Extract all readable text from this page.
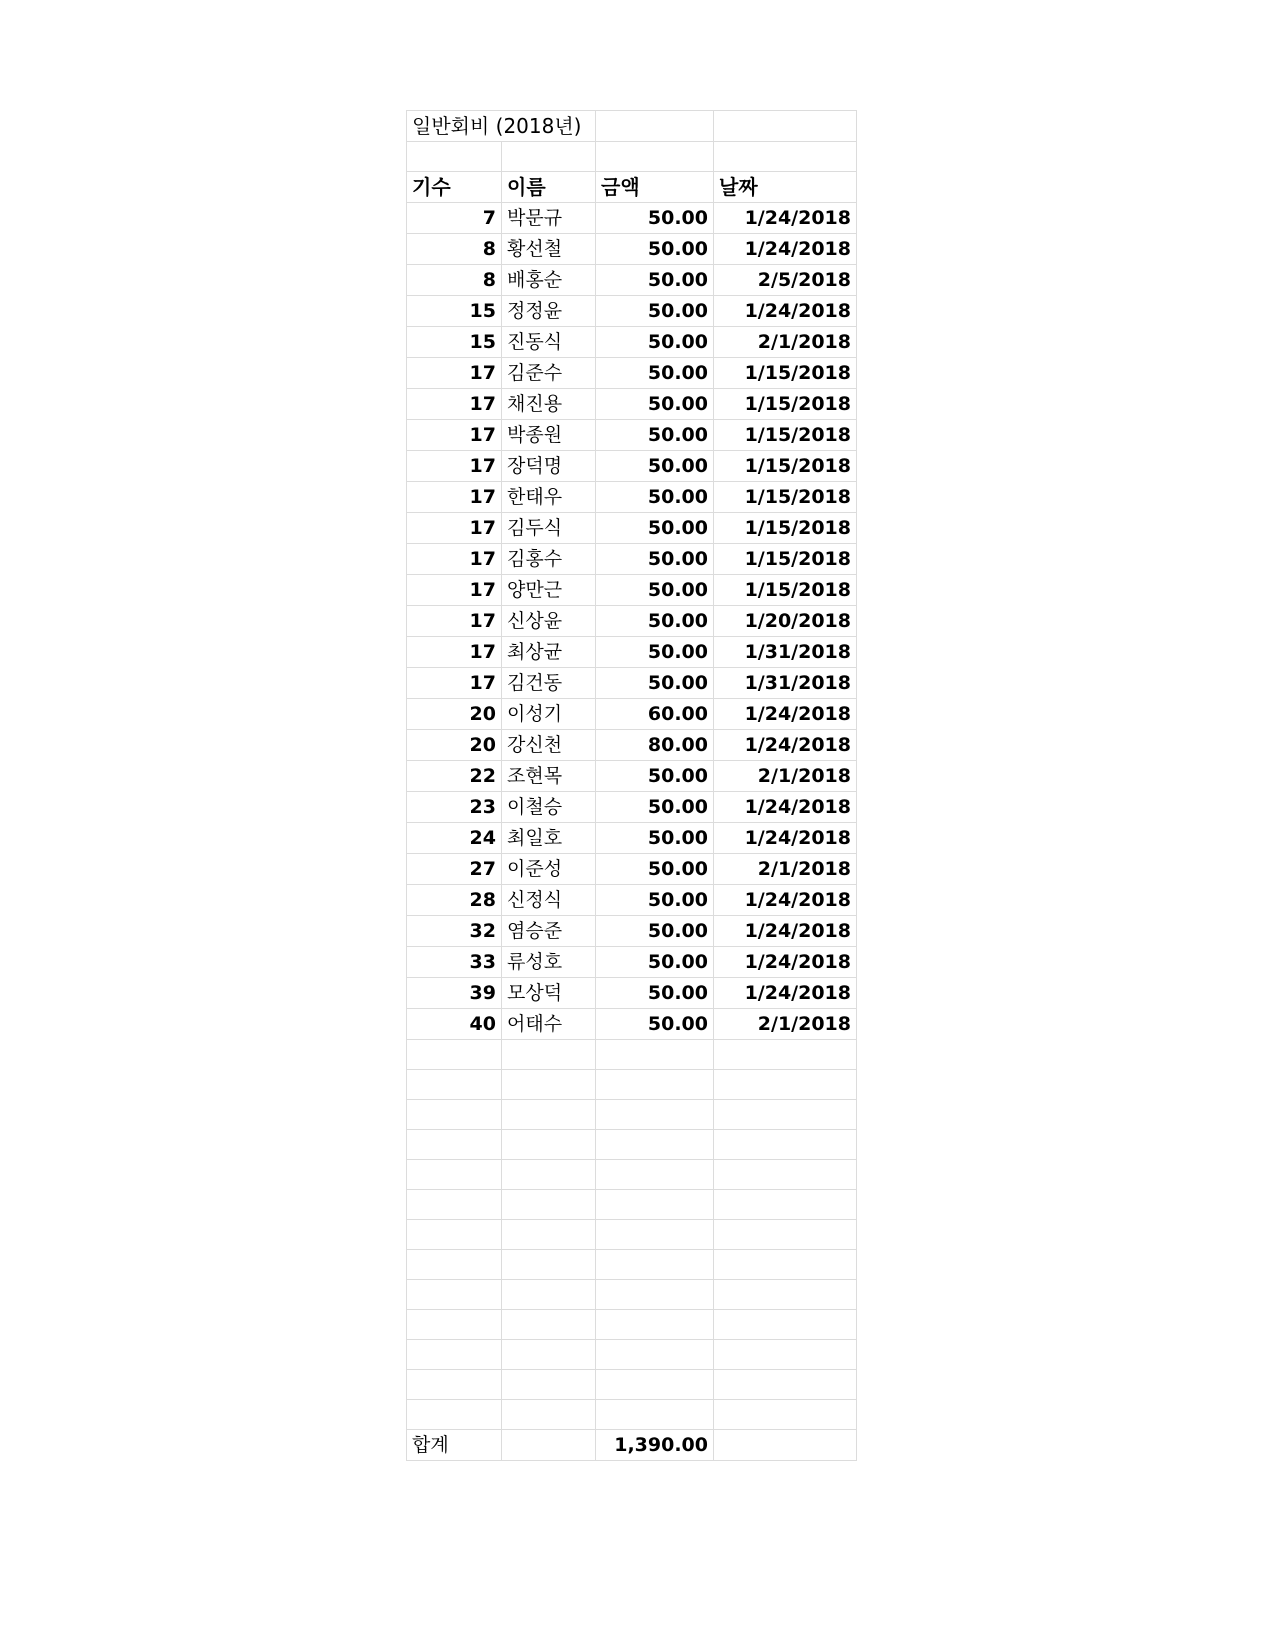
일반회비 (2018년)			

기수	이름	금액	날짜
7	박문규	50.00	1/24/2018
8	황선철	50.00	1/24/2018
8	배홍순	50.00	2/5/2018
15	정정윤	50.00	1/24/2018
15	진동식	50.00	2/1/2018
17	김준수	50.00	1/15/2018
17	채진용	50.00	1/15/2018
17	박종원	50.00	1/15/2018
17	장덕명	50.00	1/15/2018
17	한태우	50.00	1/15/2018
17	김두식	50.00	1/15/2018
17	김홍수	50.00	1/15/2018
17	양만근	50.00	1/15/2018
17	신상윤	50.00	1/20/2018
17	최상균	50.00	1/31/2018
17	김건동	50.00	1/31/2018
20	이성기	60.00	1/24/2018
20	강신천	80.00	1/24/2018
22	조현목	50.00	2/1/2018
23	이철승	50.00	1/24/2018
24	최일호	50.00	1/24/2018
27	이준성	50.00	2/1/2018
28	신정식	50.00	1/24/2018
32	염승준	50.00	1/24/2018
33	류성호	50.00	1/24/2018
39	모상덕	50.00	1/24/2018
40	어태수	50.00	2/1/2018

합계		1,390.00	
